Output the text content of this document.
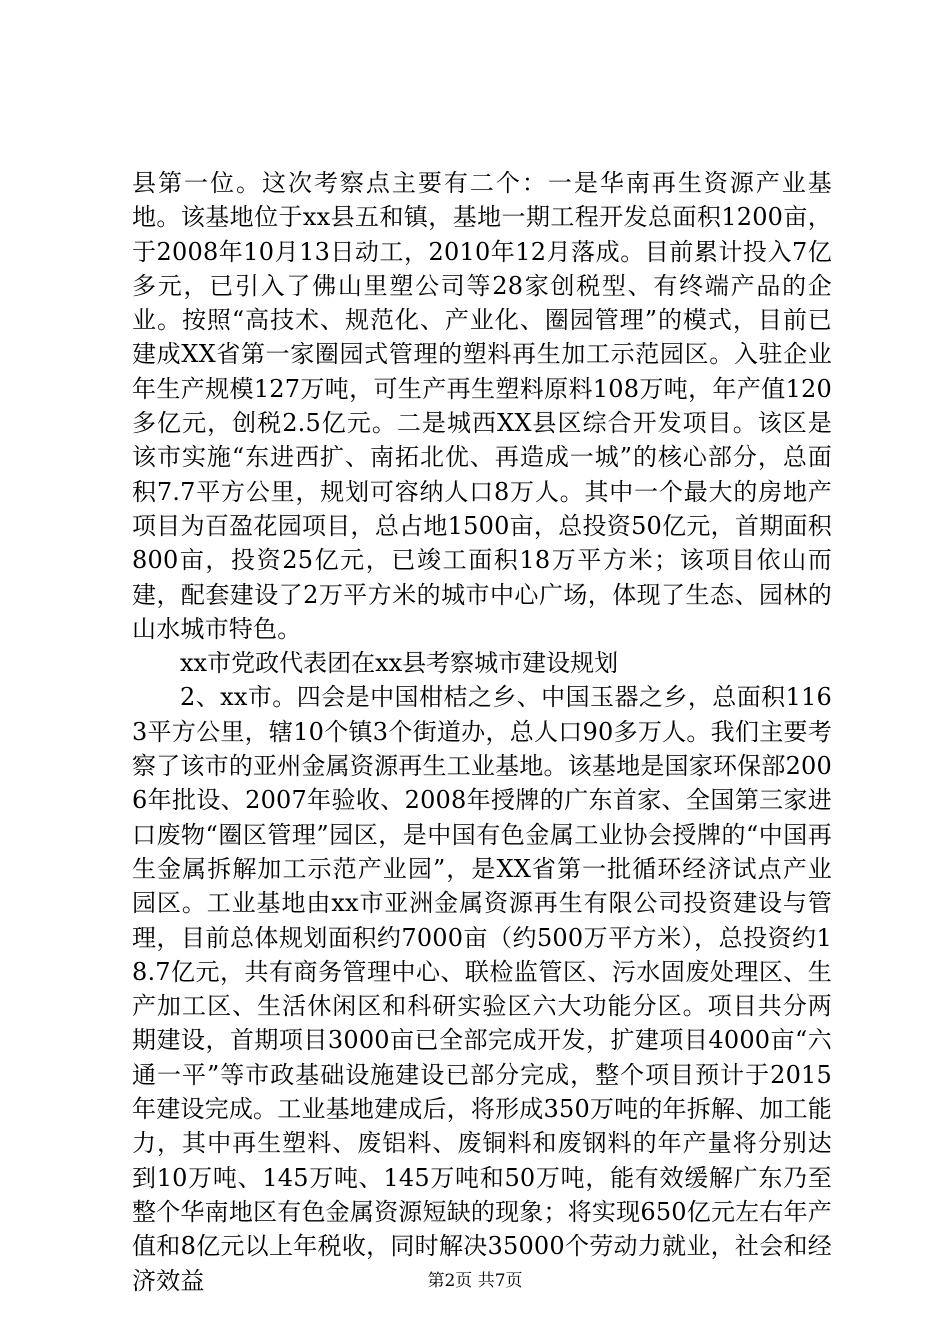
县第一位。这次考察点主要有二个：一是华南再生资源产业基地。该基地位于xx县五和镇，基地一期工程开发总面积1200亩，于2008年10月13日动工，2010年12月落成。目前累计投入7亿多元，已引入了佛山里塑公司等28家创税型、有终端产品的企业。按照“高技术、规范化、产业化、圈园管理”的模式，目前已建成XX省第一家圈园式管理的塑料再生加工示范园区。入驻企业年生产规模127万吨，可生产再生塑料原料108万吨，年产值120多亿元，创税2.5亿元。二是城西XX县区综合开发项目。该区是该市实施“东进西扩、南拓北优、再造成一城”的核心部分，总面积7.7平方公里，规划可容纳人口8万人。其中一个最大的房地产项目为百盈花园项目，总占地1500亩，总投资50亿元，首期面积800亩，投资25亿元，已竣工面积18万平方米；该项目依山而建，配套建设了2万平方米的城市中心广场，体现了生态、园林的山水城市特色。

xx市党政代表团在xx县考察城市建设规划

2、xx市。四会是中国柑桔之乡、中国玉器之乡，总面积1163平方公里，辖10个镇3个街道办，总人口90多万人。我们主要考察了该市的亚州金属资源再生工业基地。该基地是国家环保部2006年批设、2007年验收、2008年授牌的广东首家、全国第三家进口废物“圈区管理”园区，是中国有色金属工业协会授牌的“中国再生金属拆解加工示范产业园”，是XX省第一批循环经济试点产业园区。工业基地由xx市亚洲金属资源再生有限公司投资建设与管理，目前总体规划面积约7000亩（约500万平方米），总投资约18.7亿元，共有商务管理中心、联检监管区、污水固废处理区、生产加工区、生活休闲区和科研实验区六大功能分区。项目共分两期建设，首期项目3000亩已全部完成开发，扩建项目4000亩“六通一平”等市政基础设施建设已部分完成，整个项目预计于2015年建设完成。工业基地建成后，将形成350万吨的年拆解、加工能力，其中再生塑料、废铝料、废铜料和废钢料的年产量将分别达到10万吨、145万吨、145万吨和50万吨，能有效缓解广东乃至整个华南地区有色金属资源短缺的现象；将实现650亿元左右年产值和8亿元以上年税收，同时解决35000个劳动力就业，社会和经济效益	第2页 共7页
